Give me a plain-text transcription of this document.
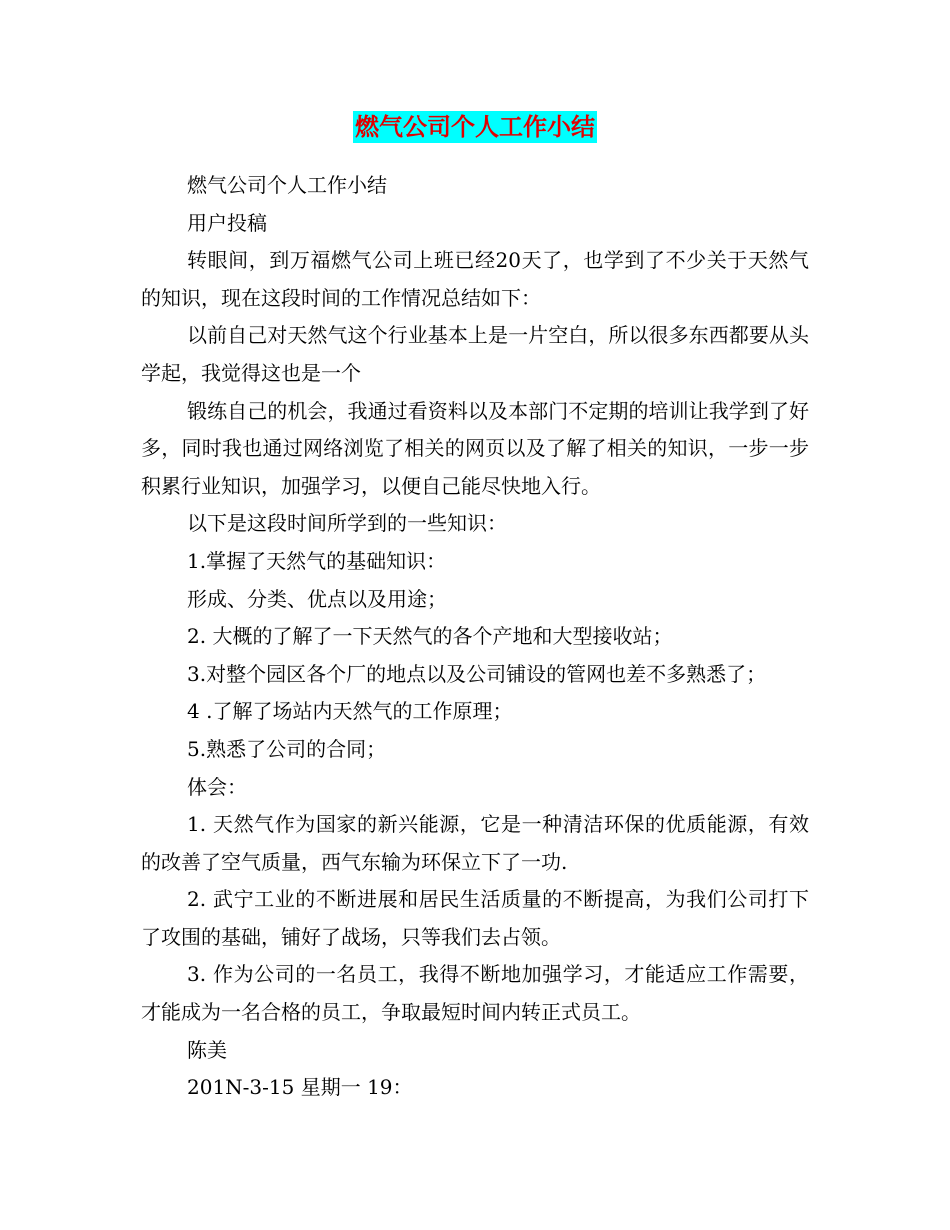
燃气公司个人工作小结

燃气公司个人工作小结

用户投稿

转眼间，到万福燃气公司上班已经20天了，也学到了不少关于天然气的知识，现在这段时间的工作情况总结如下：

以前自己对天然气这个行业基本上是一片空白，所以很多东西都要从头学起，我觉得这也是一个

锻练自己的机会，我通过看资料以及本部门不定期的培训让我学到了好多，同时我也通过网络浏览了相关的网页以及了解了相关的知识，一步一步积累行业知识，加强学习，以便自己能尽快地入行。

以下是这段时间所学到的一些知识：

1.掌握了天然气的基础知识：

形成、分类、优点以及用途；

2. 大概的了解了一下天然气的各个产地和大型接收站；

3.对整个园区各个厂的地点以及公司铺设的管网也差不多熟悉了；

4 .了解了场站内天然气的工作原理；

5.熟悉了公司的合同；

体会：

1. 天然气作为国家的新兴能源，它是一种清洁环保的优质能源，有效的改善了空气质量，西气东输为环保立下了一功.

2. 武宁工业的不断进展和居民生活质量的不断提高，为我们公司打下了攻围的基础，铺好了战场，只等我们去占领。

3. 作为公司的一名员工，我得不断地加强学习，才能适应工作需要，才能成为一名合格的员工，争取最短时间内转正式员工。

陈美

201N-3-15 星期一 19：
